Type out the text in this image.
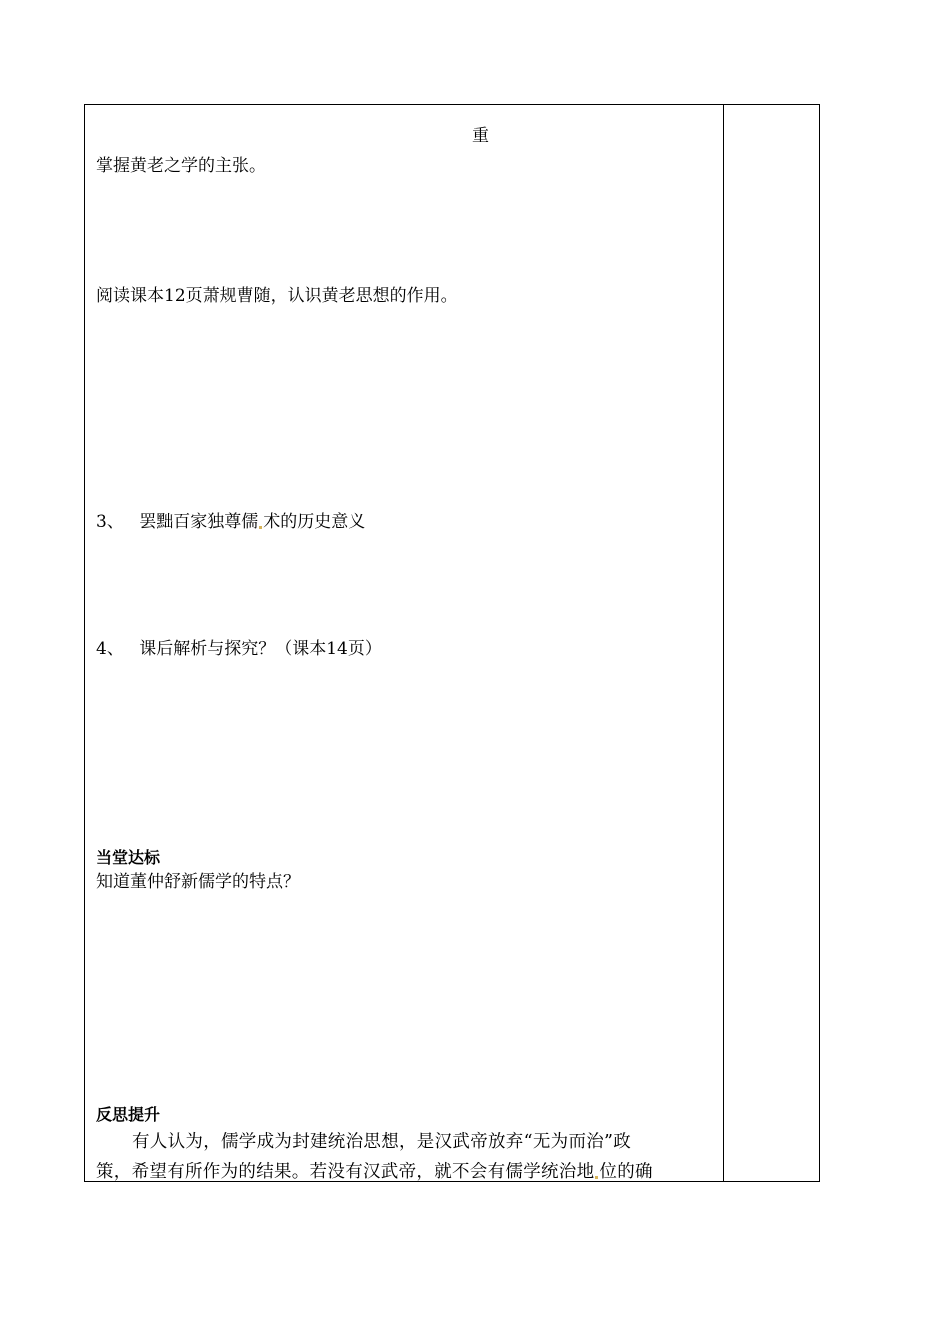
重
掌握黄老之学的主张。
阅读课本12页萧规曹随，认识黄老思想的作用。
3、 罢黜百家独尊儒 术的历史意义
4、 课后解析与探究？（课本14页）
当堂达标
知道董仲舒新儒学的特点？
反思提升
有人认为，儒学成为封建统治思想，是汉武帝放弃“无为而治”政
策，希望有所作为的结果。若没有汉武帝，就不会有儒学统治地 位的确
